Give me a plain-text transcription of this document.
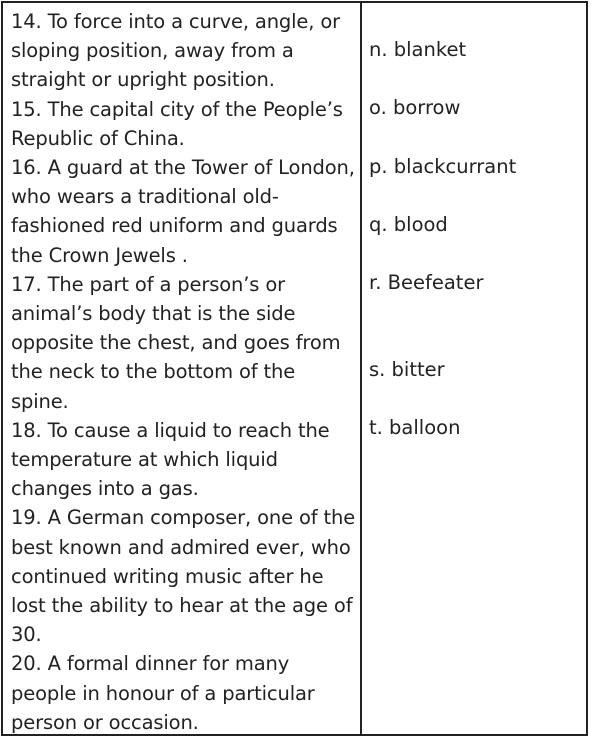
14. To force into a curve, angle, or sloping position, away from a straight or upright position.

15. The capital city of the People’s Republic of China.

16. A guard at the Tower of London, who wears a traditional old-fashioned red uniform and guards the Crown Jewels .

17. The part of a person’s or animal’s body that is the side opposite the chest, and goes from the neck to the bottom of the spine.

18. To cause a liquid to reach the temperature at which liquid changes into a gas.

19. A German composer, one of the best known and admired ever, who continued writing music after he lost the ability to hear at the age of 30.

20. A formal dinner for many people in honour of a particular person or occasion.

n. blanket
o. borrow
p. blackcurrant
q. blood
r. Beefeater
s. bitter
t. balloon
